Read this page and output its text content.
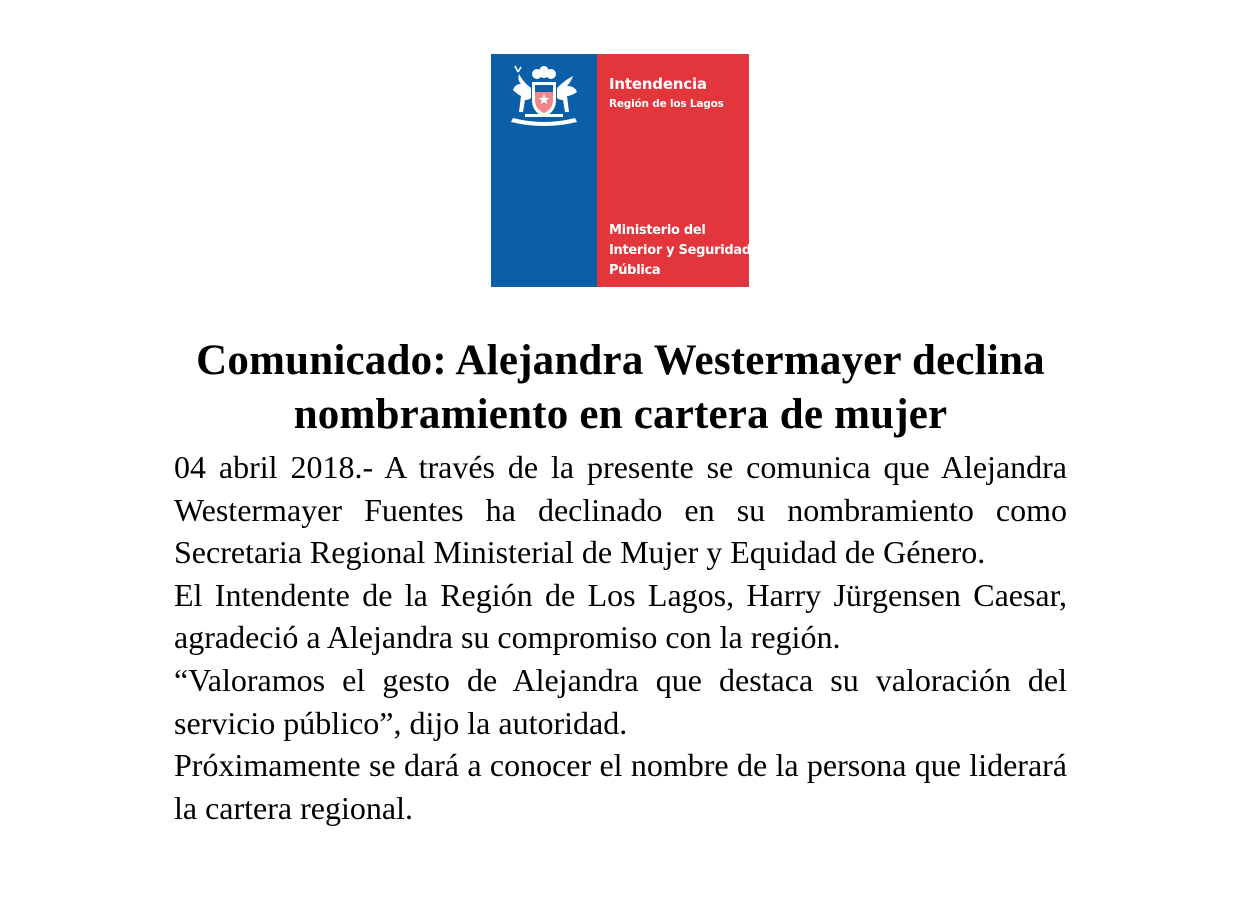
Intendencia
Región de los Lagos
Ministerio del Interior y Seguridad Pública
Comunicado: Alejandra Westermayer declina nombramiento en cartera de mujer

04 abril 2018.- A través de la presente se comunica que Alejandra Westermayer Fuentes ha declinado en su nombramiento como Secretaria Regional Ministerial de Mujer y Equidad de Género.

El Intendente de la Región de Los Lagos, Harry Jürgensen Caesar, agradeció a Alejandra su compromiso con la región.

“Valoramos el gesto de Alejandra que destaca su valoración del servicio público”, dijo la autoridad.

Próximamente se dará a conocer el nombre de la persona que liderará la cartera regional.
